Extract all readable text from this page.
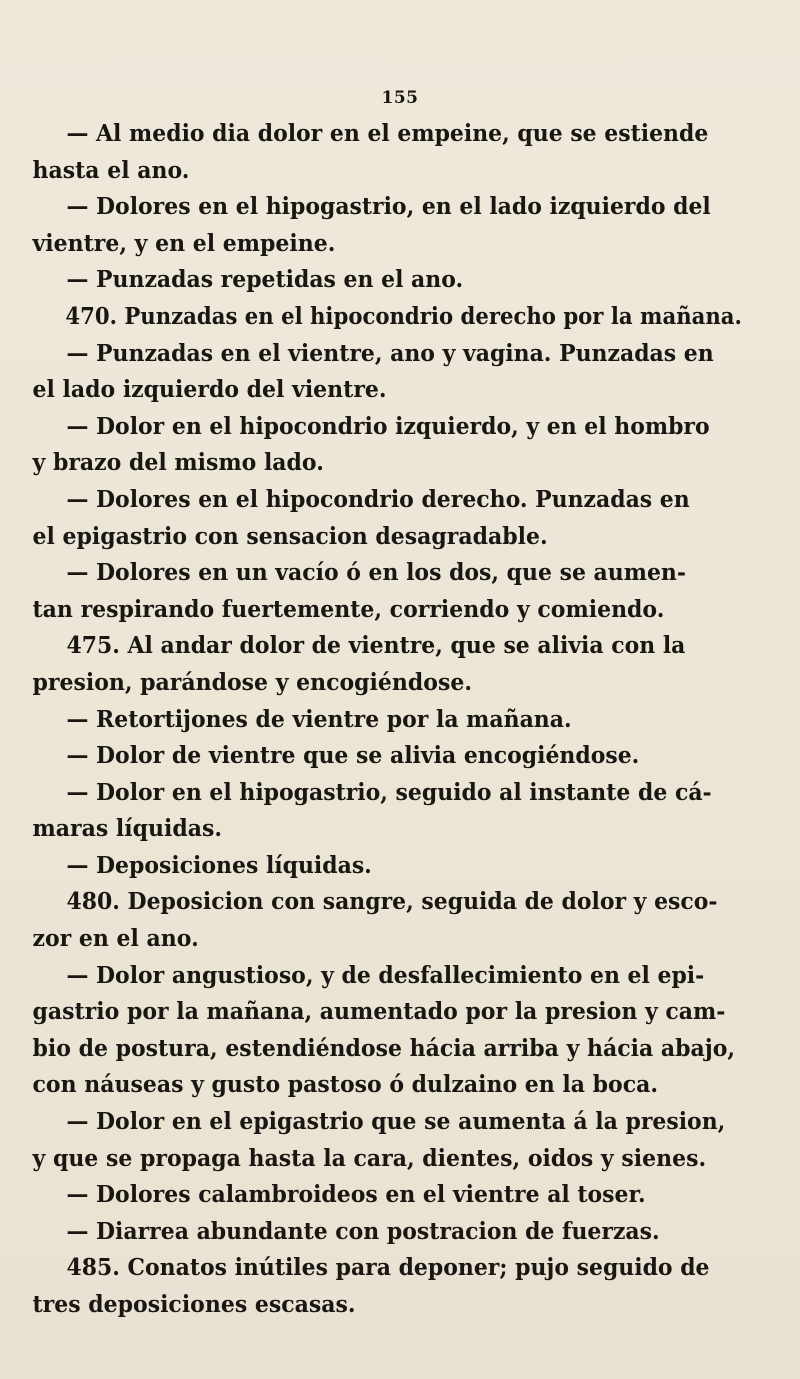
155

— Al medio dia dolor en el empeine, que se estiende
hasta el ano.

— Dolores en el hipogastrio, en el lado izquierdo del
vientre, y en el empeine.

— Punzadas repetidas en el ano.

470. Punzadas en el hipocondrio derecho por la mañana.

— Punzadas en el vientre, ano y vagina. Punzadas en
el lado izquierdo del vientre.

— Dolor en el hipocondrio izquierdo, y en el hombro
y brazo del mismo lado.

— Dolores en el hipocondrio derecho. Punzadas en
el epigastrio con sensacion desagradable.

— Dolores en un vacío ó en los dos, que se aumen-
tan respirando fuertemente, corriendo y comiendo.

475. Al andar dolor de vientre, que se alivia con la
presion, parándose y encogiéndose.

— Retortijones de vientre por la mañana.

— Dolor de vientre que se alivia encogiéndose.

— Dolor en el hipogastrio, seguido al instante de cá-
maras líquidas.

— Deposiciones líquidas.

480. Deposicion con sangre, seguida de dolor y esco-
zor en el ano.

— Dolor angustioso, y de desfallecimiento en el epi-
gastrio por la mañana, aumentado por la presion y cam-
bio de postura, estendiéndose hácia arriba y hácia abajo,
con náuseas y gusto pastoso ó dulzaino en la boca.

— Dolor en el epigastrio que se aumenta á la presion,
y que se propaga hasta la cara, dientes, oidos y sienes.

— Dolores calambroideos en el vientre al toser.

— Diarrea abundante con postracion de fuerzas.

485. Conatos inútiles para deponer; pujo seguido de
tres deposiciones escasas.
